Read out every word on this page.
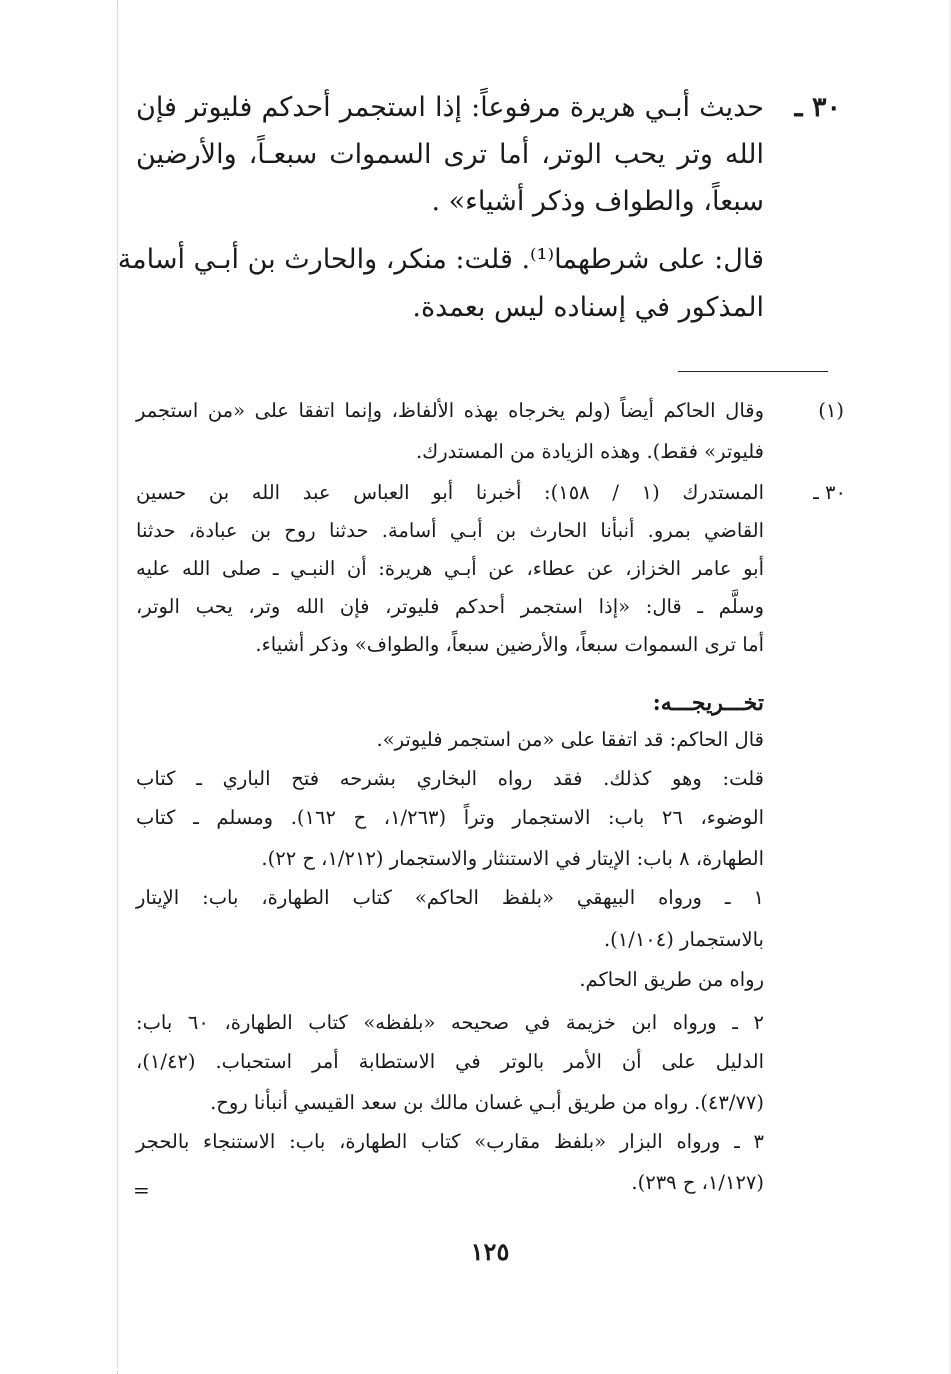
٣٠ ـ
حديث أبـي هريرة مرفوعاً: إذا استجمر أحدكم فليوتر فإن
الله وتر يحب الوتر، أما ترى السموات سبعـاً، والأرضين
سبعاً، والطواف وذكر أشياء» .
قال: على شرطهما⁽¹⁾. قلت: منكر، والحارث بن أبـي أسامة
المذكور في إسناده ليس بعمدة.
(١)
وقال الحاكم أيضاً (ولم يخرجاه بهذه الألفاظ، وإنما اتفقا على «من استجمر
فليوتر» فقط). وهذه الزيادة من المستدرك.
٣٠ ـ
المستدرك (١ / ١٥٨): أخبرنا أبو العباس عبد الله بن حسين
القاضي بمرو. أنبأنا الحارث بن أبـي أسامة. حدثنا روح بن عبادة، حدثنا
أبو عامر الخزاز، عن عطاء، عن أبـي هريرة: أن النبـي ـ صلى الله عليه
وسلَّم ـ قال: «إذا استجمر أحدكم فليوتر، فإن الله وتر، يحب الوتر،
أما ترى السموات سبعاً، والأرضين سبعاً، والطواف» وذكر أشياء.
تخـــريجـــه:
قال الحاكم: قد اتفقا على «من استجمر فليوتر».
قلت: وهو كذلك. فقد رواه البخاري بشرحه فتح الباري ـ كتاب
الوضوء، ٢٦ باب: الاستجمار وتراً (١/٢٦٣، ح ١٦٢). ومسلم ـ كتاب
الطهارة، ٨ باب: الإيتار في الاستنثار والاستجمار (١/٢١٢، ح ٢٢).
١ ـ ورواه البيهقي «بلفظ الحاكم» كتاب الطهارة، باب: الإيتار
بالاستجمار (١/١٠٤).
رواه من طريق الحاكم.
٢ ـ ورواه ابن خزيمة في صحيحه «بلفظه» كتاب الطهارة، ٦٠ باب:
الدليل على أن الأمر بالوتر في الاستطابة أمر استحباب. (١/٤٢)،
(٤٣/٧٧). رواه من طريق أبـي غسان مالك بن سعد القيسي أنبأنا روح.
٣ ـ ورواه البزار «بلفظ مقارب» كتاب الطهارة، باب: الاستنجاء بالحجر
(١/١٢٧، ح ٢٣٩).
=
١٢٥
